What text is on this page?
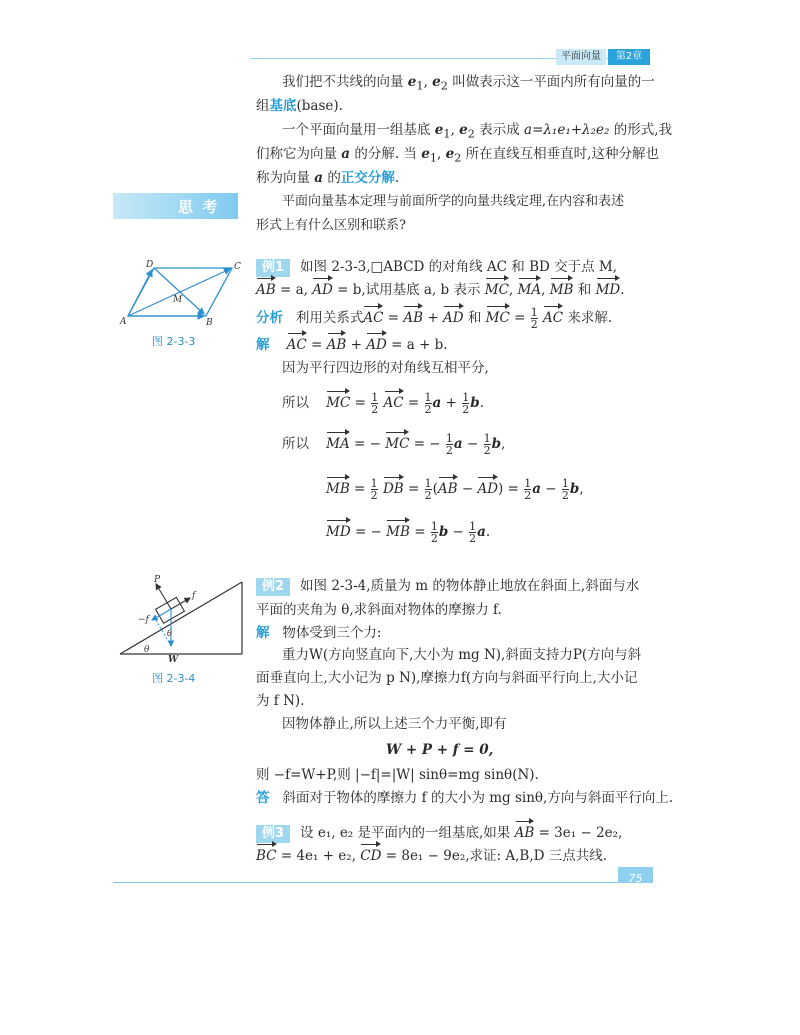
平面向量	第2章
我们把不共线的向量 $e_1$, $e_2$ 叫做表示这一平面内所有向量的一
组基底(base).
一个平面向量用一组基底 $e_1$, $e_2$ 表示成 a=λ₁e₁+λ₂e₂ 的形式,我
们称它为向量 a 的分解. 当 $e_1$, $e_2$ 所在直线互相垂直时,这种分解也
称为向量 a 的正交分解.
思 考	平面向量基本定理与前面所学的向量共线定理,在内容和表述
形式上有什么区别和联系?
A	B
C
D
M
图 2-3-3
例1 如图 2-3-3,□ABCD 的对角线 AC 和 BD 交于点 M,
AB = a, AD = b,试用基底 a, b 表示 MC, MA, MB 和 MD.
分析 利用关系式AC = AB + AD 和 MC = $\frac{1}{2}$ AC 来求解.
解 AC = AB + AD = a + b.
因为平行四边形的对角线互相平分,
所以 MC = $\frac{1}{2}$ AC = $\frac{1}{2}$ $a + \frac{1}{2} b$.
所以 MA = − MC = − $\frac{1}{2}$ $a - \frac{1}{2} b$,
MB = $\frac{1}{2}$ DB = $\frac{1}{2} (AB - AD) = \frac{1}{2}$ $a - \frac{1}{2} b$,
MD = − MB = $\frac{1}{2}$ $b - \frac{1}{2} a$.
P
f
−f
W
θ
θ
图 2-3-4
例2 如图 2-3-4,质量为 m 的物体静止地放在斜面上,斜面与水
平面的夹角为 θ,求斜面对物体的摩擦力 f.
解 物体受到三个力:
重力W(方向竖直向下,大小为 mg N),斜面支持力P(方向与斜
面垂直向上,大小记为 p N),摩擦力f(方向与斜面平行向上,大小记
为 f N).
因物体静止,所以上述三个力平衡,即有
W + P + f = 0,
则 −f=W+P,则 |−f|=|W| sinθ=mg sinθ(N).
答 斜面对于物体的摩擦力 f 的大小为 mg sinθ,方向与斜面平行向上.
例3 设 e₁, e₂ 是平面内的一组基底,如果 AB = 3e₁ − 2e₂,
BC = 4e₁ + e₂, CD = 8e₁ − 9e₂,求证: A,B,D 三点共线.
75
